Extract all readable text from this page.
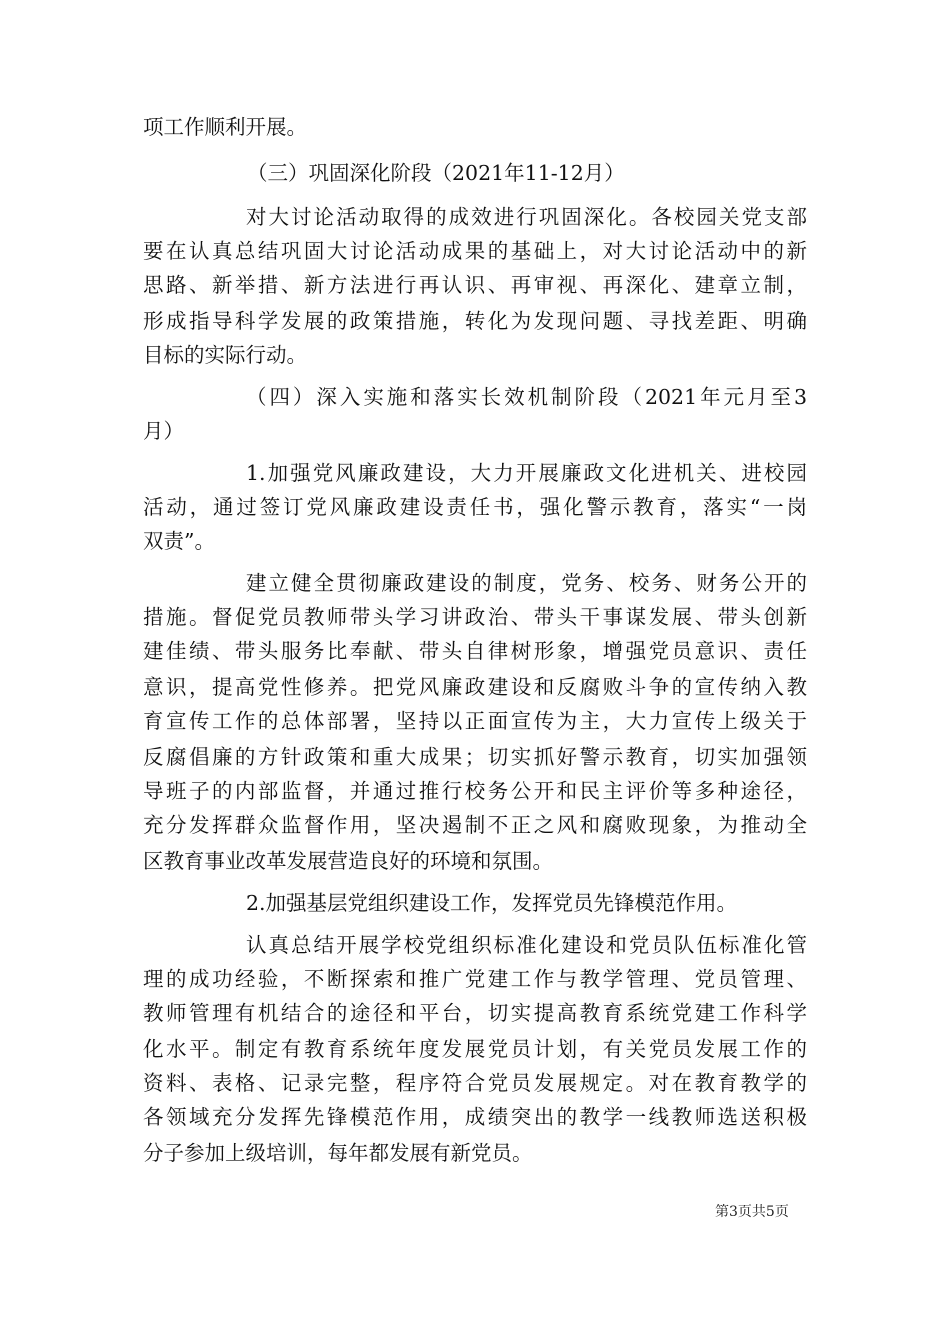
项工作顺利开展。
（三）巩固深化阶段（2021年11-12月）
对大讨论活动取得的成效进行巩固深化。各校园关党支部
要在认真总结巩固大讨论活动成果的基础上，对大讨论活动中的新
思路、新举措、新方法进行再认识、再审视、再深化、建章立制，
形成指导科学发展的政策措施，转化为发现问题、寻找差距、明确
目标的实际行动。
（四）深入实施和落实长效机制阶段（2021年元月至3
月）
1.加强党风廉政建设，大力开展廉政文化进机关、进校园
活动，通过签订党风廉政建设责任书，强化警示教育，落实“一岗
双责”。
建立健全贯彻廉政建设的制度，党务、校务、财务公开的
措施。督促党员教师带头学习讲政治、带头干事谋发展、带头创新
建佳绩、带头服务比奉献、带头自律树形象，增强党员意识、责任
意识，提高党性修养。把党风廉政建设和反腐败斗争的宣传纳入教
育宣传工作的总体部署，坚持以正面宣传为主，大力宣传上级关于
反腐倡廉的方针政策和重大成果；切实抓好警示教育，切实加强领
导班子的内部监督，并通过推行校务公开和民主评价等多种途径，
充分发挥群众监督作用，坚决遏制不正之风和腐败现象，为推动全
区教育事业改革发展营造良好的环境和氛围。
2.加强基层党组织建设工作，发挥党员先锋模范作用。
认真总结开展学校党组织标准化建设和党员队伍标准化管
理的成功经验，不断探索和推广党建工作与教学管理、党员管理、
教师管理有机结合的途径和平台，切实提高教育系统党建工作科学
化水平。制定有教育系统年度发展党员计划，有关党员发展工作的
资料、表格、记录完整，程序符合党员发展规定。对在教育教学的
各领域充分发挥先锋模范作用，成绩突出的教学一线教师选送积极
分子参加上级培训，每年都发展有新党员。
第3页共5页
